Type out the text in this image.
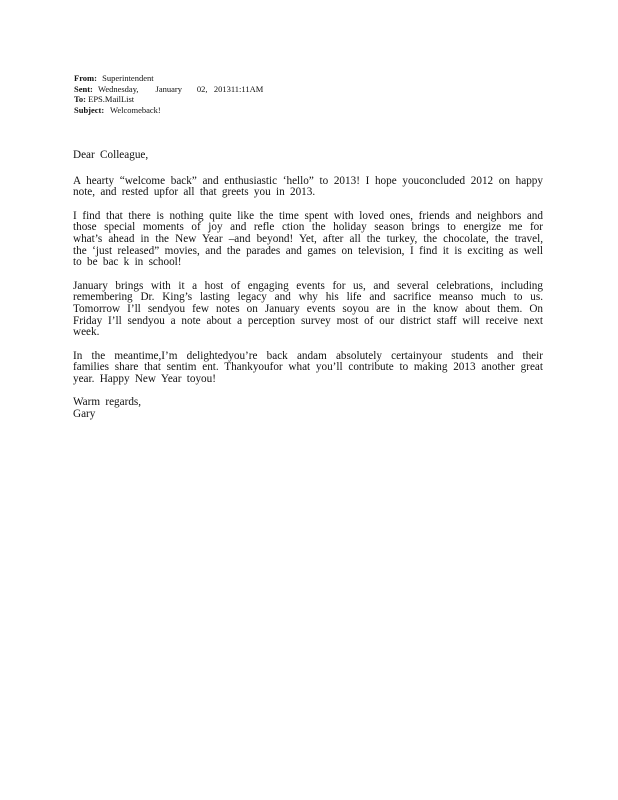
From: Superintendent
Sent: Wednesday,        January       02,   201311:11AM
To: EPS.MailList
Subject: Welcomeback!

Dear Colleague,

A hearty “welcome back” and enthusiastic ‘hello” to 2013! I hope youconcluded 2012 on happy note, and rested upfor all that greets you in 2013.

I find that there is nothing quite like the time spent with loved ones, friends and neighbors and those special moments of joy and refle ction the holiday season brings to energize me for what’s ahead in the New Year –and beyond! Yet, after all the turkey, the chocolate, the travel, the ‘just released” movies, and the parades and games on television, I find it is exciting as well to be bac k in school!

January brings with it a host of engaging events for us, and several celebrations, including remembering Dr. King’s lasting legacy and why his life and sacrifice meanso much to us. Tomorrow I’ll sendyou few notes on January events soyou are in the know about them. On Friday I’ll sendyou a note about a perception survey most of our district staff will receive next week.

In the meantime,I’m delightedyou’re back andam absolutely certainyour students and their families share that sentim ent. Thankyoufor what you’ll contribute to making 2013 another great year. Happy New Year toyou!

Warm regards,

Gary
